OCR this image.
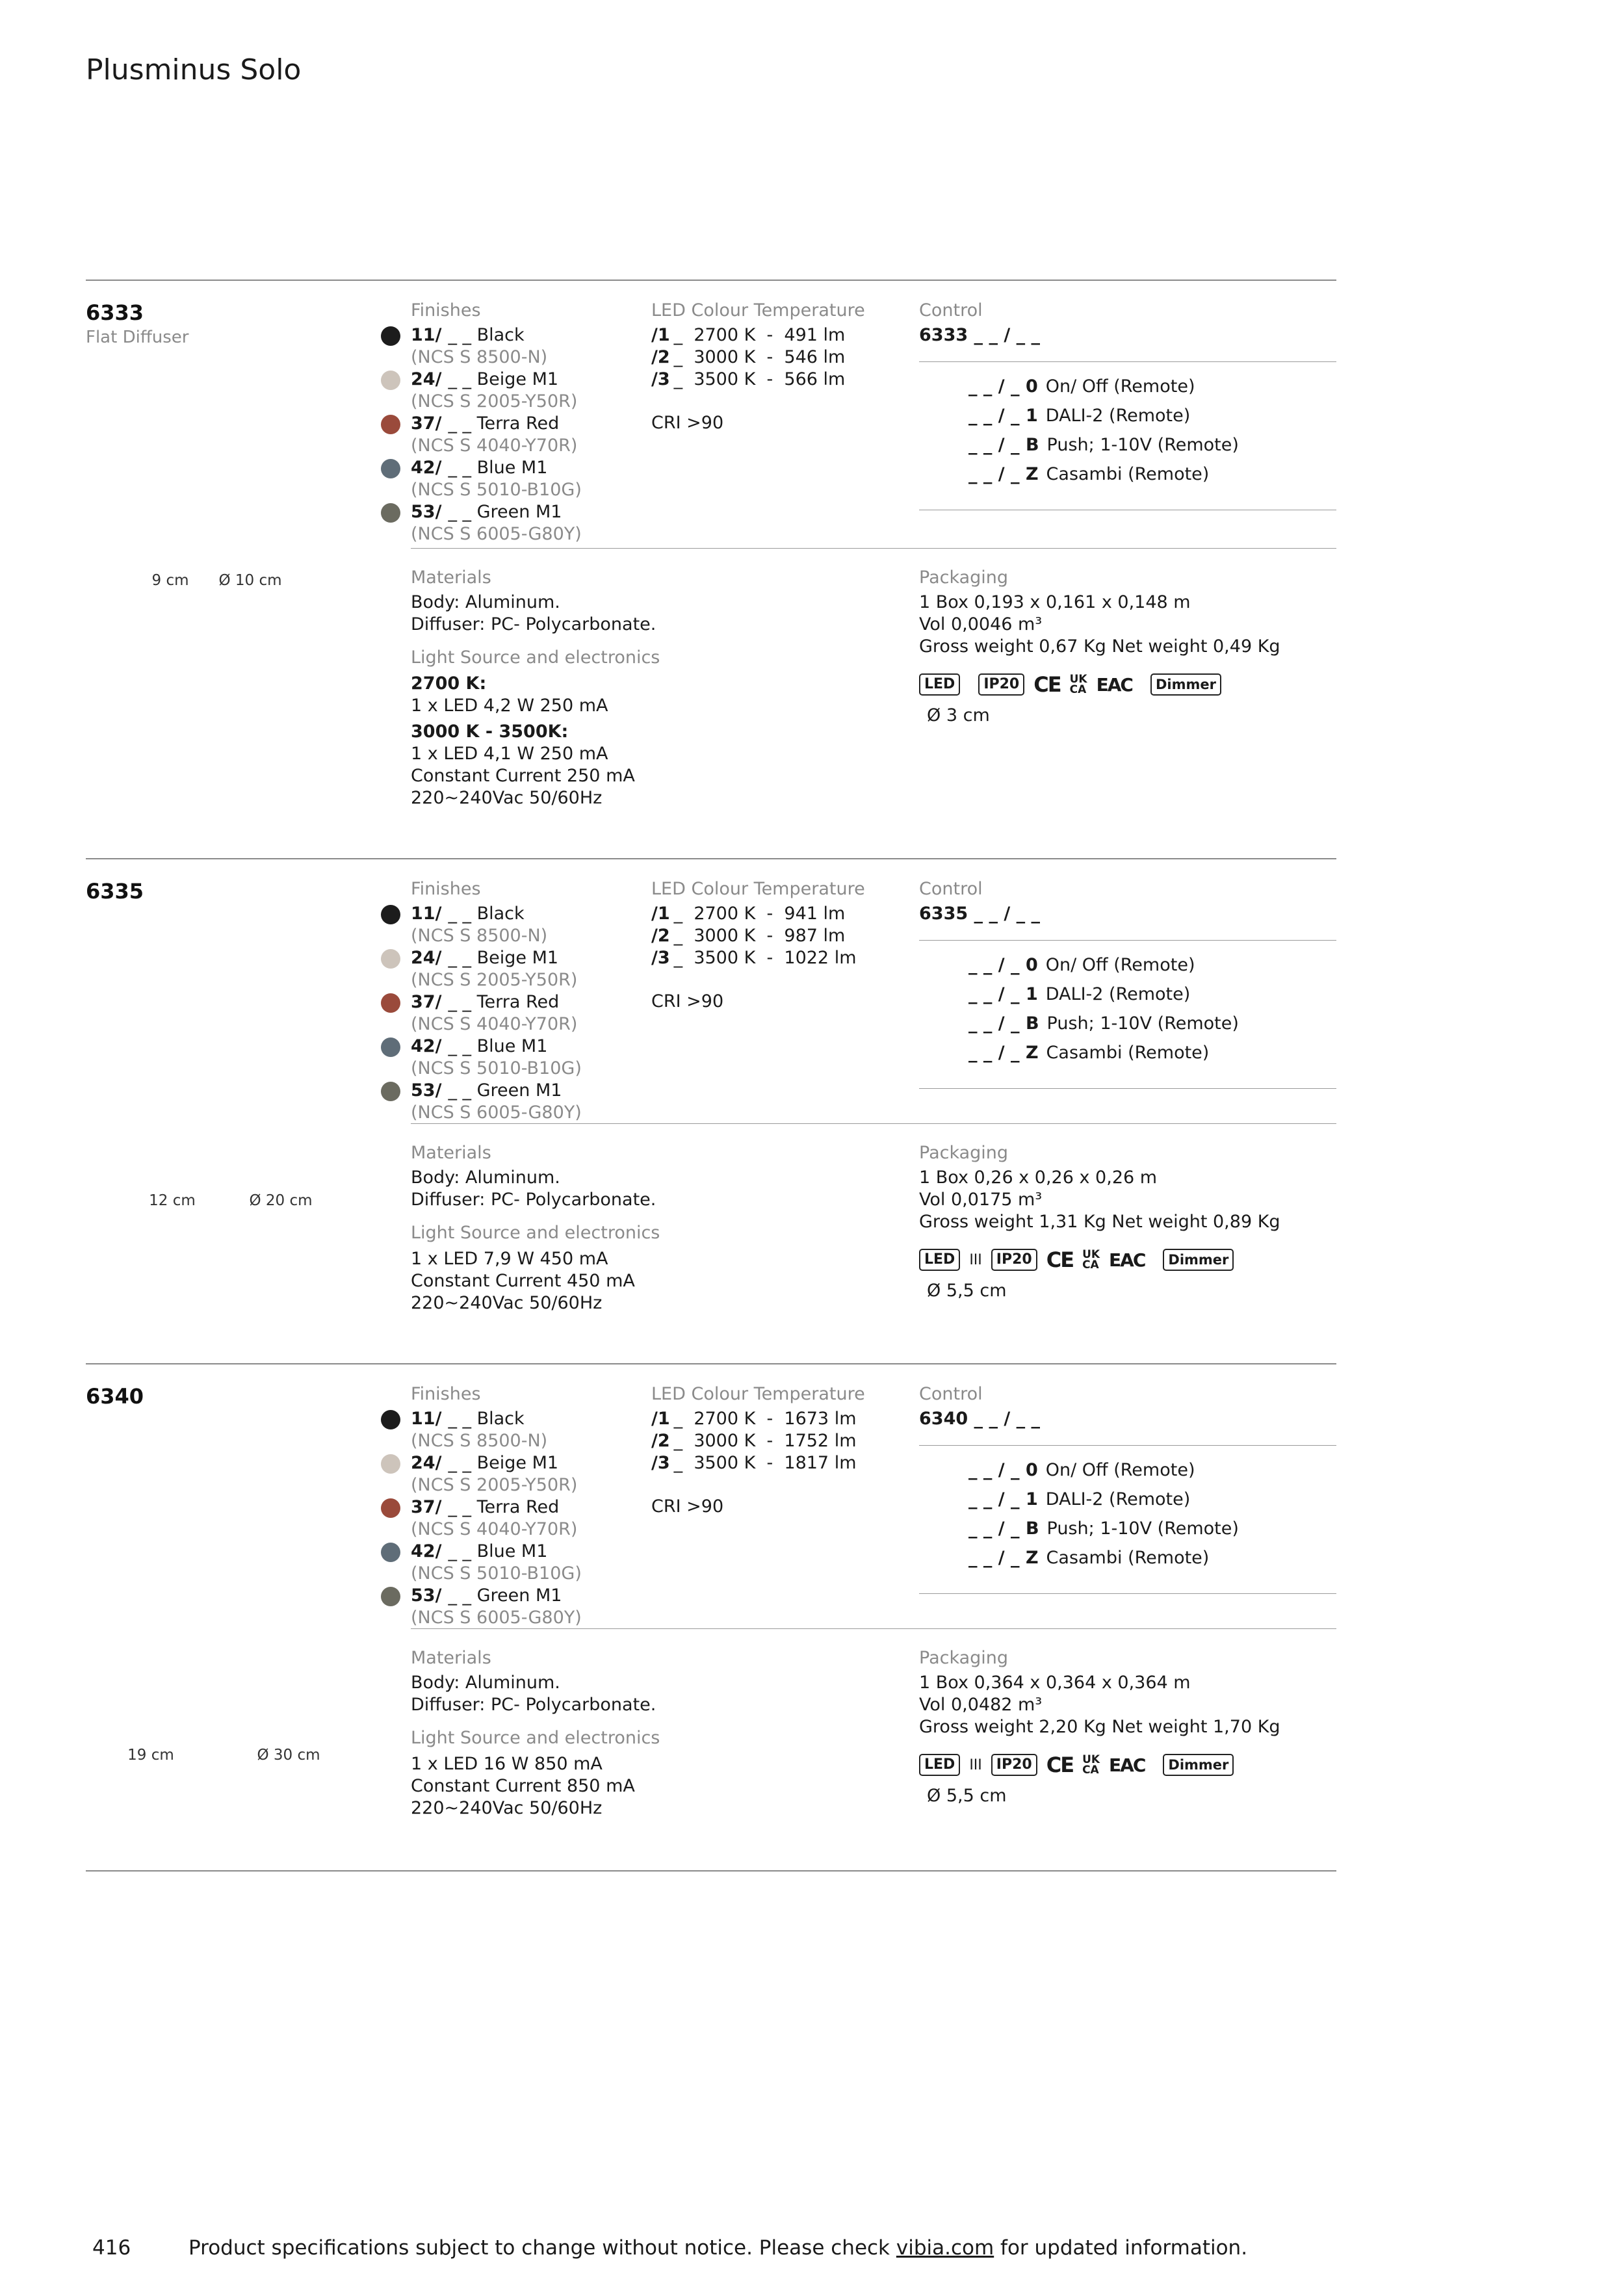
Plusminus Solo
6333
Flat Diffuser
9 cm	Ø 10 cm
Finishes
11/ _ _ Black
(NCS S 8500-N)
24/ _ _ Beige M1
(NCS S 2005-Y50R)
37/ _ _ Terra Red
(NCS S 4040-Y70R)
42/ _ _ Blue M1
(NCS S 5010-B10G)
53/ _ _ Green M1
(NCS S 6005-G80Y)
LED Colour Temperature
/1 _  2700 K  -  491 lm
/2 _  3000 K  -  546 lm
/3 _  3500 K  -  566 lm
CRI >90
Control
6333 _ _ / _ _
_ _ / _ 0 On/ Off (Remote)
_ _ / _ 1 DALI-2 (Remote)
_ _ / _ B Push; 1-10V (Remote)
_ _ / _ Z Casambi (Remote)
Materials
Body: Aluminum.
Diffuser: PC- Polycarbonate.
Light Source and electronics
2700 K:
1 x LED 4,2 W 250 mA
3000 K - 3500K:
1 x LED 4,1 W 250 mA
Constant Current 250 mA
220~240Vac 50/60Hz
Packaging
1 Box 0,193 x 0,161 x 0,148 m
Vol 0,0046 m³
Gross weight 0,67 Kg Net weight 0,49 Kg
LED	IP20 CE UK
CA EAC	Dimmer
Ø 3 cm
6335
12 cm	Ø 20 cm
Finishes
11/ _ _ Black
(NCS S 8500-N)
24/ _ _ Beige M1
(NCS S 2005-Y50R)
37/ _ _ Terra Red
(NCS S 4040-Y70R)
42/ _ _ Blue M1
(NCS S 5010-B10G)
53/ _ _ Green M1
(NCS S 6005-G80Y)
LED Colour Temperature
/1 _  2700 K  -  941 lm
/2 _  3000 K  -  987 lm
/3 _  3500 K  -  1022 lm
CRI >90
Control
6335 _ _ / _ _
_ _ / _ 0 On/ Off (Remote)
_ _ / _ 1 DALI-2 (Remote)
_ _ / _ B Push; 1-10V (Remote)
_ _ / _ Z Casambi (Remote)
Materials
Body: Aluminum.
Diffuser: PC- Polycarbonate.
Light Source and electronics
1 x LED 7,9 W 450 mA
Constant Current 450 mA
220~240Vac 50/60Hz
Packaging
1 Box 0,26 x 0,26 x 0,26 m
Vol 0,0175 m³
Gross weight 1,31 Kg Net weight 0,89 Kg
LED	III	IP20 CE UK
CA EAC	Dimmer
Ø 5,5 cm
6340
19 cm	Ø 30 cm
Finishes
11/ _ _ Black
(NCS S 8500-N)
24/ _ _ Beige M1
(NCS S 2005-Y50R)
37/ _ _ Terra Red
(NCS S 4040-Y70R)
42/ _ _ Blue M1
(NCS S 5010-B10G)
53/ _ _ Green M1
(NCS S 6005-G80Y)
LED Colour Temperature
/1 _  2700 K  -  1673 lm
/2 _  3000 K  -  1752 lm
/3 _  3500 K  -  1817 lm
CRI >90
Control
6340 _ _ / _ _
_ _ / _ 0 On/ Off (Remote)
_ _ / _ 1 DALI-2 (Remote)
_ _ / _ B Push; 1-10V (Remote)
_ _ / _ Z Casambi (Remote)
Materials
Body: Aluminum.
Diffuser: PC- Polycarbonate.
Light Source and electronics
1 x LED 16 W 850 mA
Constant Current 850 mA
220~240Vac 50/60Hz
Packaging
1 Box 0,364 x 0,364 x 0,364 m
Vol 0,0482 m³
Gross weight 2,20 Kg Net weight 1,70 Kg
LED	III	IP20 CE UK
CA EAC	Dimmer
Ø 5,5 cm
416	Product specifications subject to change without notice. Please check vibia.com for updated information.
